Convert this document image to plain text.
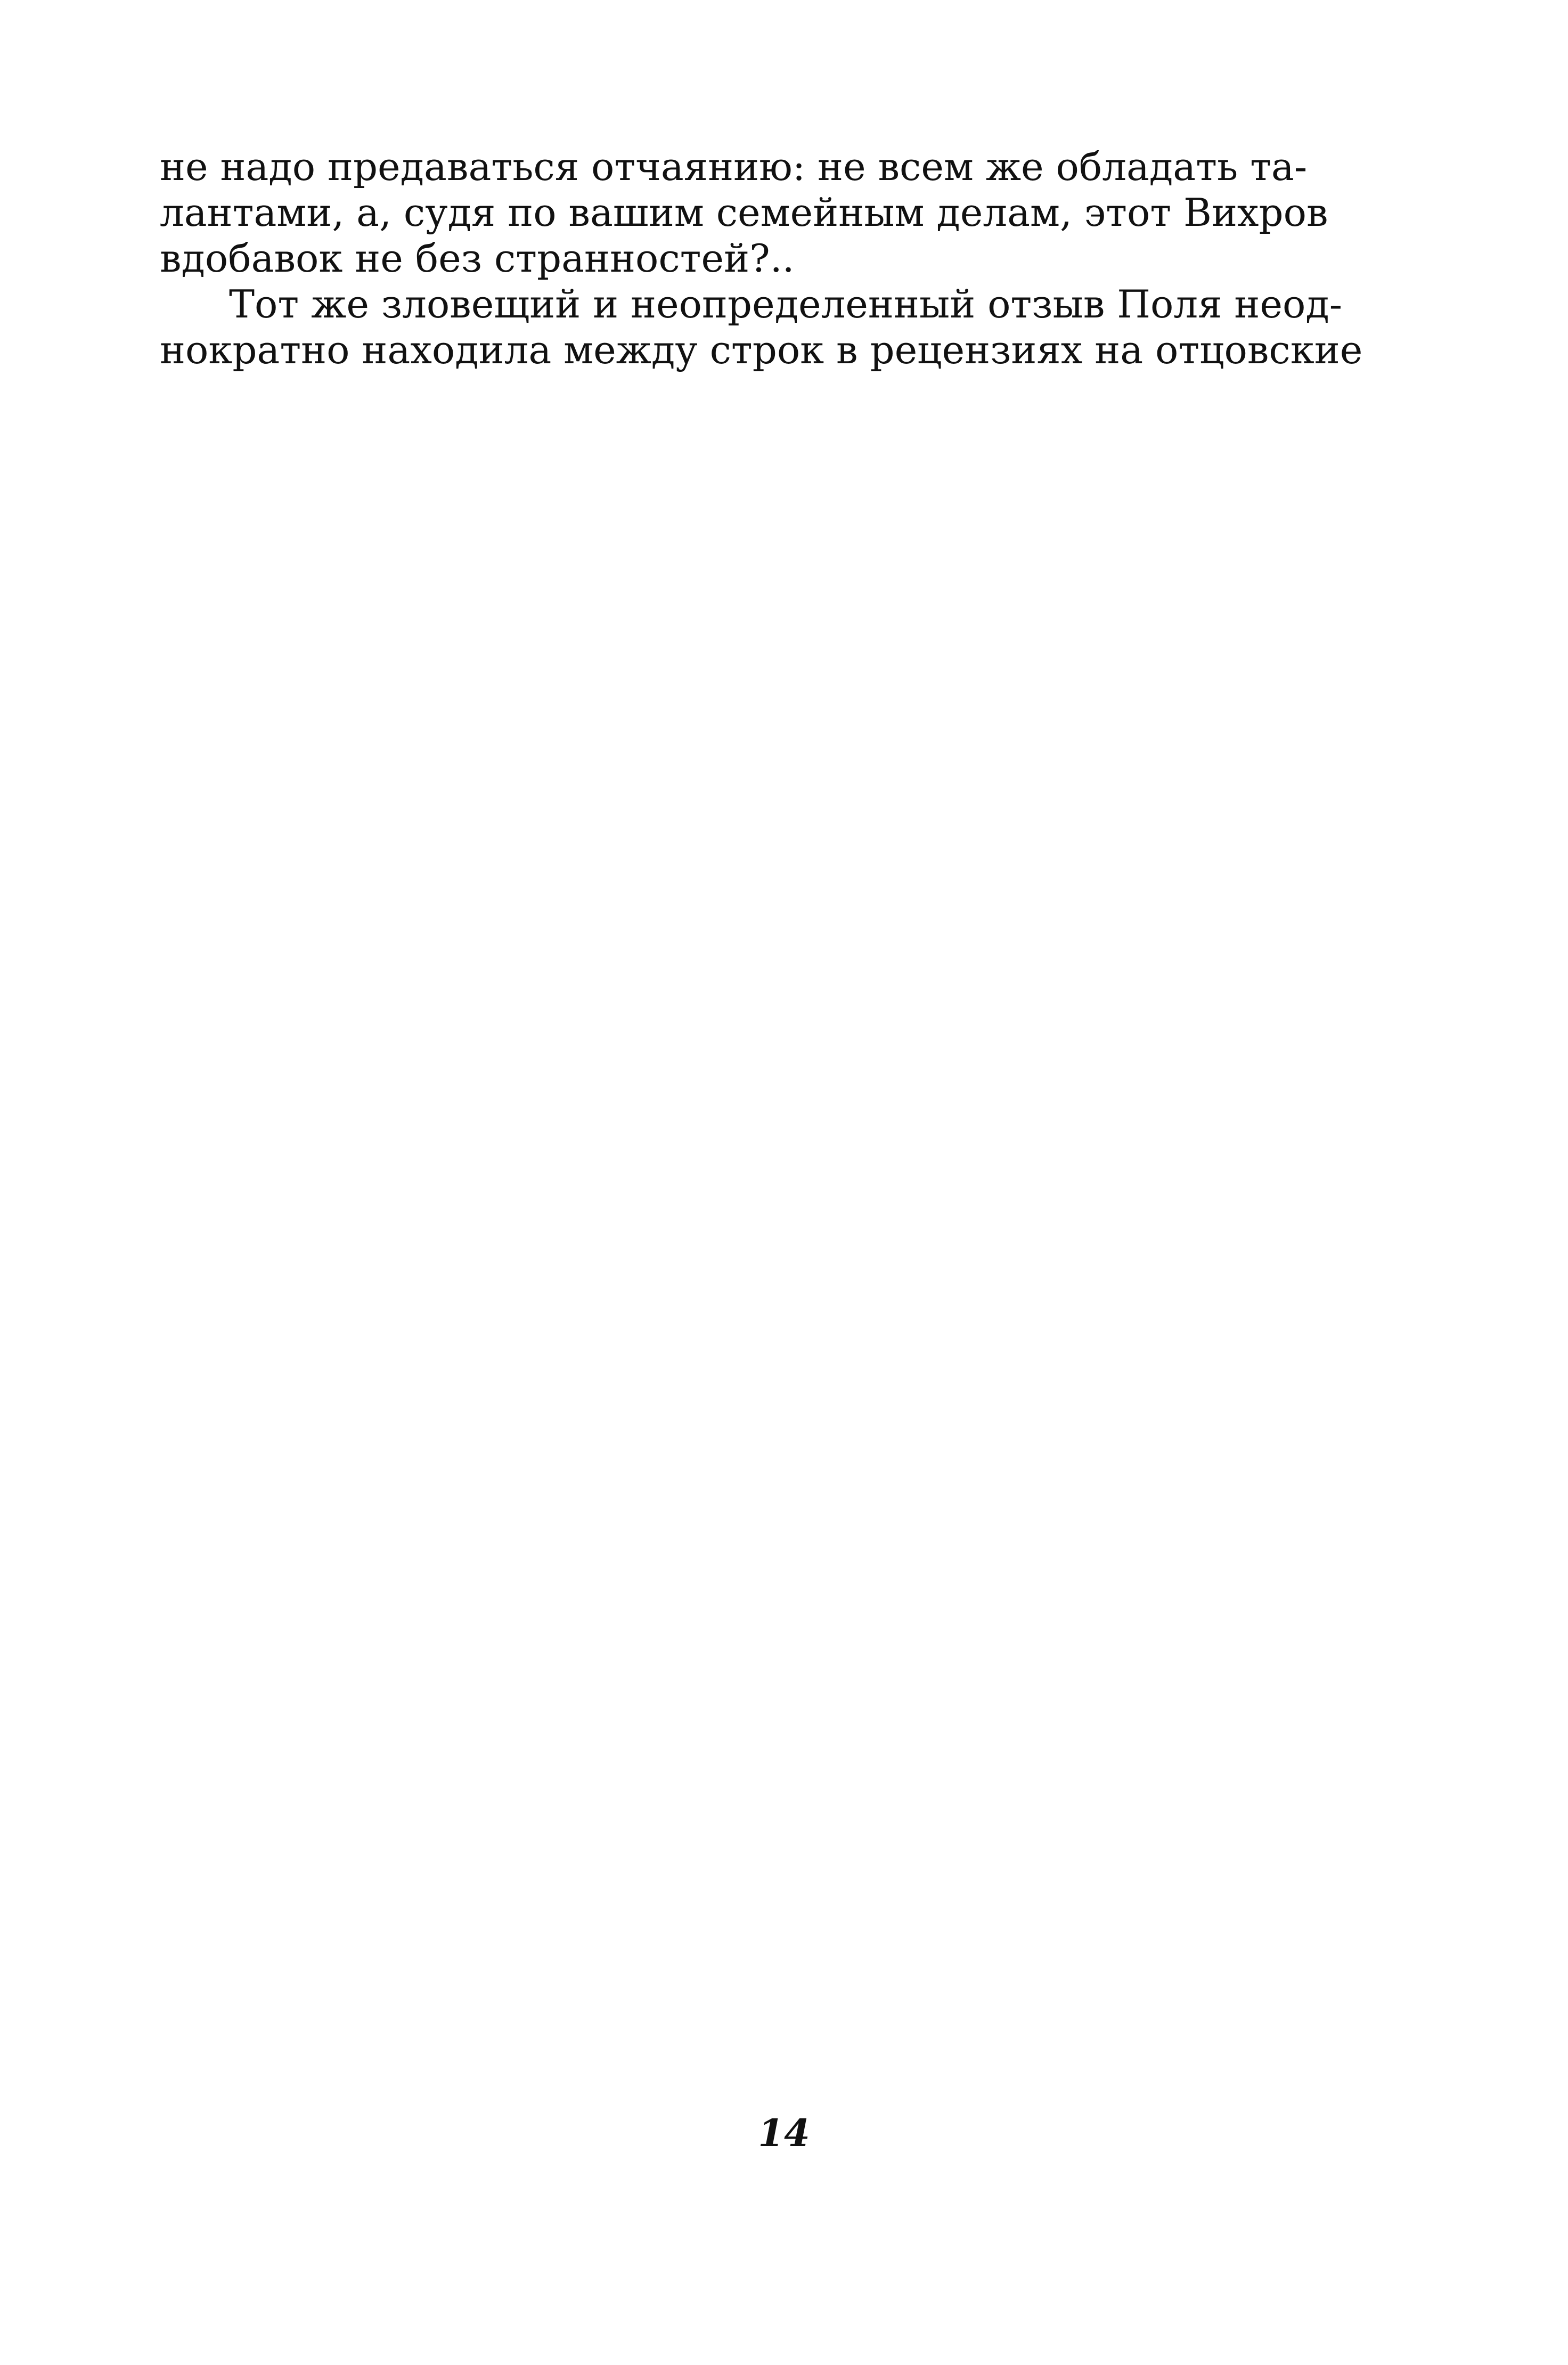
не надо предаваться отчаянию: не всем же обладать та-
лантами, а, судя по вашим семейным делам, этот Вихров
вдобавок не без странностей?..
Тот же зловещий и неопределенный отзыв Поля неод-
нократно находила между строк в рецензиях на отцовские
14
